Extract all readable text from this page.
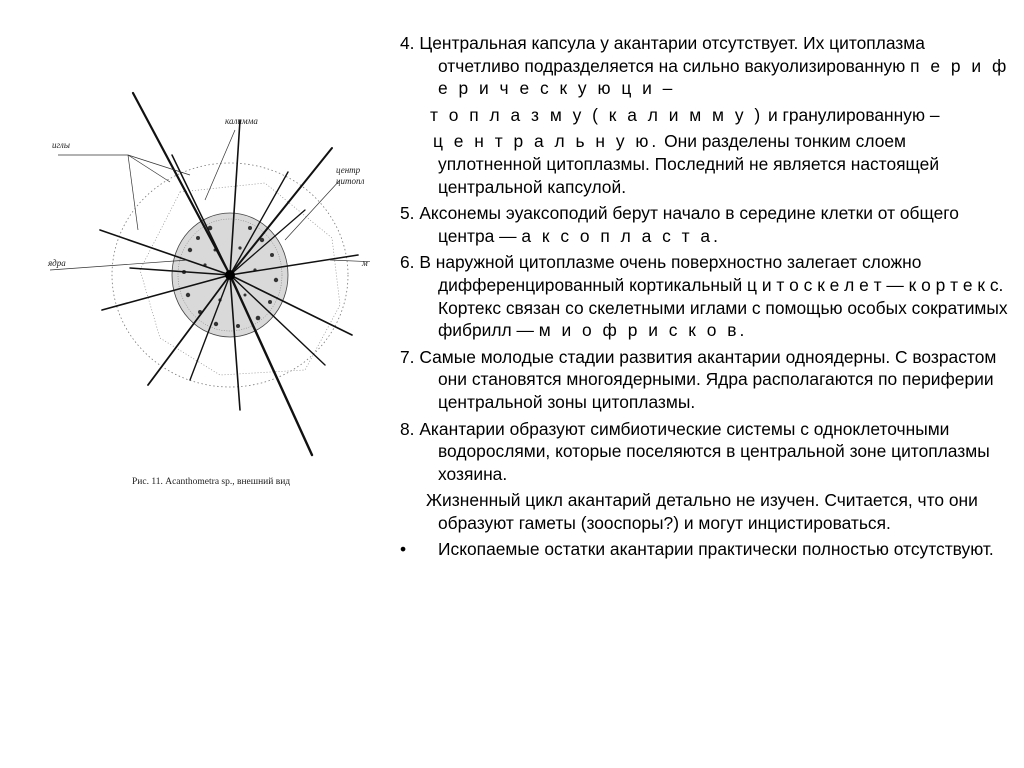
иглы
калимма
центр
цитопл
ядра	м
Рис. 11. Acanthometra sp., внешний вид

4. Центральная капсула у акантарии отсутствует. Их цитоплазма отчетливо подразделяется на сильно вакуолизированную п е р и ф е р и ч е с к у ю ц и –

т о п л а з м у ( к а л и м м у ) и гранулированную –

ц е н т р а л ь н у ю. Они разделены тонким слоем уплотненной цитоплазмы. Последний не является настоящей центральной капсулой.

5. Аксонемы эуаксоподий берут начало в середине клетки от общего центра — а к с о п л а с т а.

6. В наружной цитоплазме очень поверхностно залегает сложно дифференцированный кортикальный ц и т о с к е л е т — к о р т е к с. Кортекс связан со скелетными иглами с помощью особых сократимых фибрилл — м и о ф р и с к о в.

7. Самые молодые стадии развития акантарии одноядерны. С возрастом они становятся многоядерными. Ядра располагаются по периферии центральной зоны цитоплазмы.

8. Акантарии образуют симбиотические системы с одноклеточными водорослями, которые поселяются в центральной зоне цитоплазмы хозяина.

Жизненный цикл акантарий детально не изучен. Считается, что они образуют гаметы (зооспоры?) и могут инцистироваться.

• Ископаемые остатки акантарии практически полностью отсутствуют.
